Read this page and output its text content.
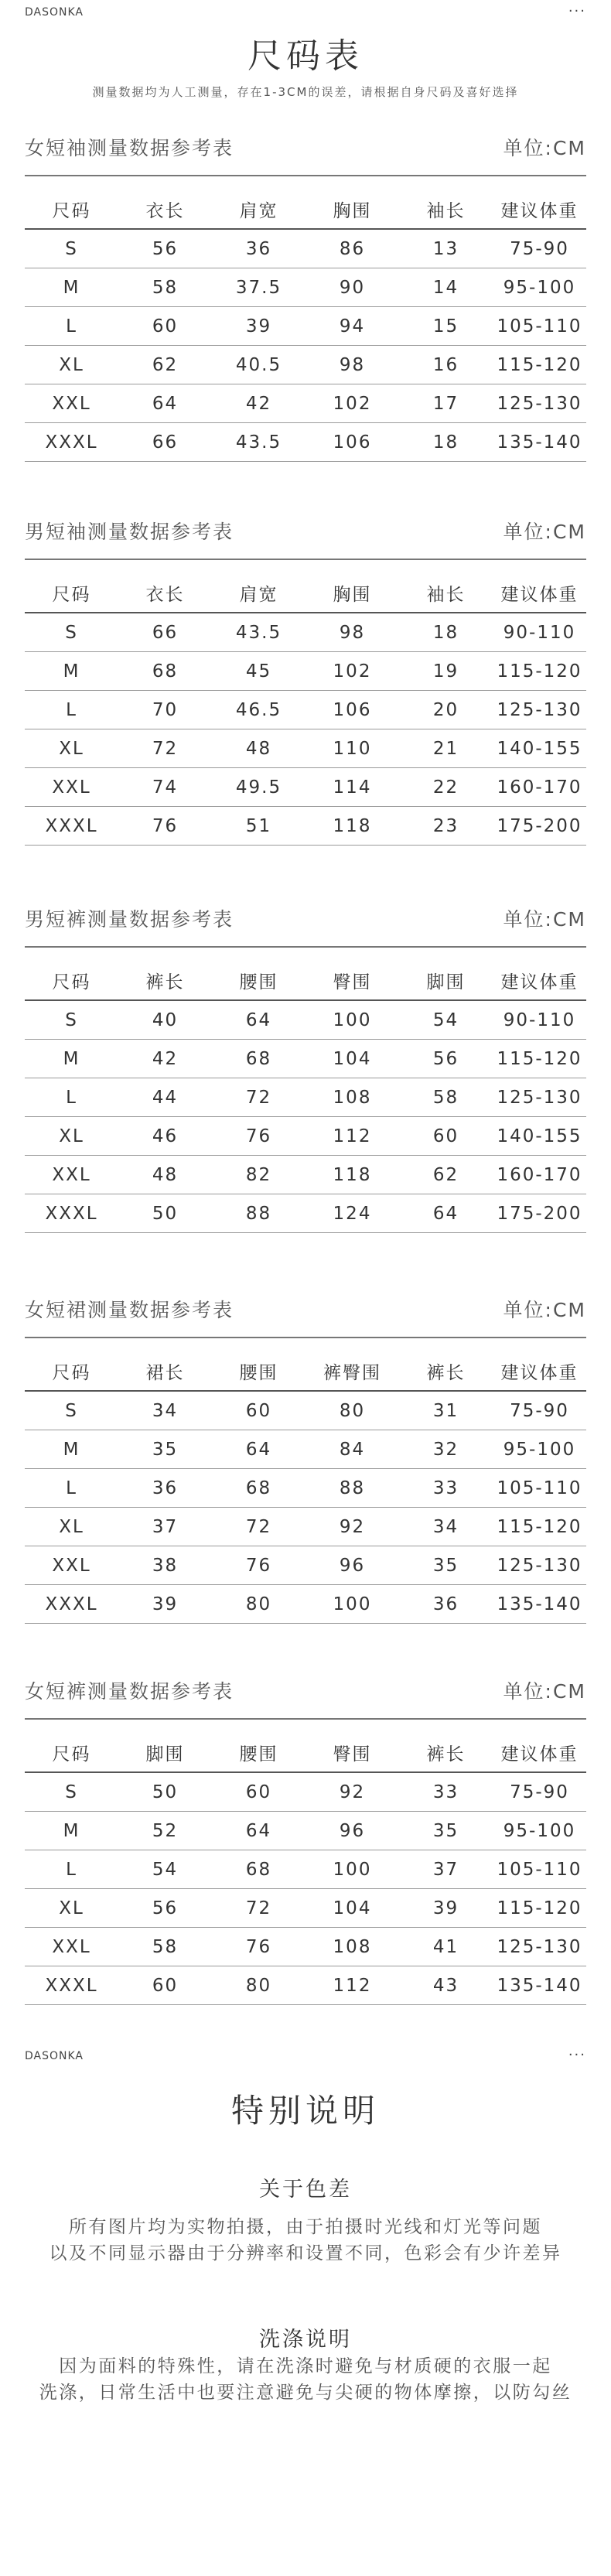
DASONKA	···
尺码表
测量数据均为人工测量，存在1-3CM的误差，请根据自身尺码及喜好选择
女短袖测量数据参考表	单位:CM
尺码	衣长	肩宽	胸围	袖长	建议体重
S	56	36	86	13	75-90
M	58	37.5	90	14	95-100
L	60	39	94	15	105-110
XL	62	40.5	98	16	115-120
XXL	64	42	102	17	125-130
XXXL	66	43.5	106	18	135-140
男短袖测量数据参考表	单位:CM
尺码	衣长	肩宽	胸围	袖长	建议体重
S	66	43.5	98	18	90-110
M	68	45	102	19	115-120
L	70	46.5	106	20	125-130
XL	72	48	110	21	140-155
XXL	74	49.5	114	22	160-170
XXXL	76	51	118	23	175-200
男短裤测量数据参考表	单位:CM
尺码	裤长	腰围	臀围	脚围	建议体重
S	40	64	100	54	90-110
M	42	68	104	56	115-120
L	44	72	108	58	125-130
XL	46	76	112	60	140-155
XXL	48	82	118	62	160-170
XXXL	50	88	124	64	175-200
女短裙测量数据参考表	单位:CM
尺码	裙长	腰围	裤臀围	裤长	建议体重
S	34	60	80	31	75-90
M	35	64	84	32	95-100
L	36	68	88	33	105-110
XL	37	72	92	34	115-120
XXL	38	76	96	35	125-130
XXXL	39	80	100	36	135-140
女短裤测量数据参考表	单位:CM
尺码	脚围	腰围	臀围	裤长	建议体重
S	50	60	92	33	75-90
M	52	64	96	35	95-100
L	54	68	100	37	105-110
XL	56	72	104	39	115-120
XXL	58	76	108	41	125-130
XXXL	60	80	112	43	135-140
DASONKA	···
特别说明
关于色差
所有图片均为实物拍摄，由于拍摄时光线和灯光等问题
以及不同显示器由于分辨率和设置不同，色彩会有少许差异
洗涤说明
因为面料的特殊性，请在洗涤时避免与材质硬的衣服一起
洗涤，日常生活中也要注意避免与尖硬的物体摩擦，以防勾丝
